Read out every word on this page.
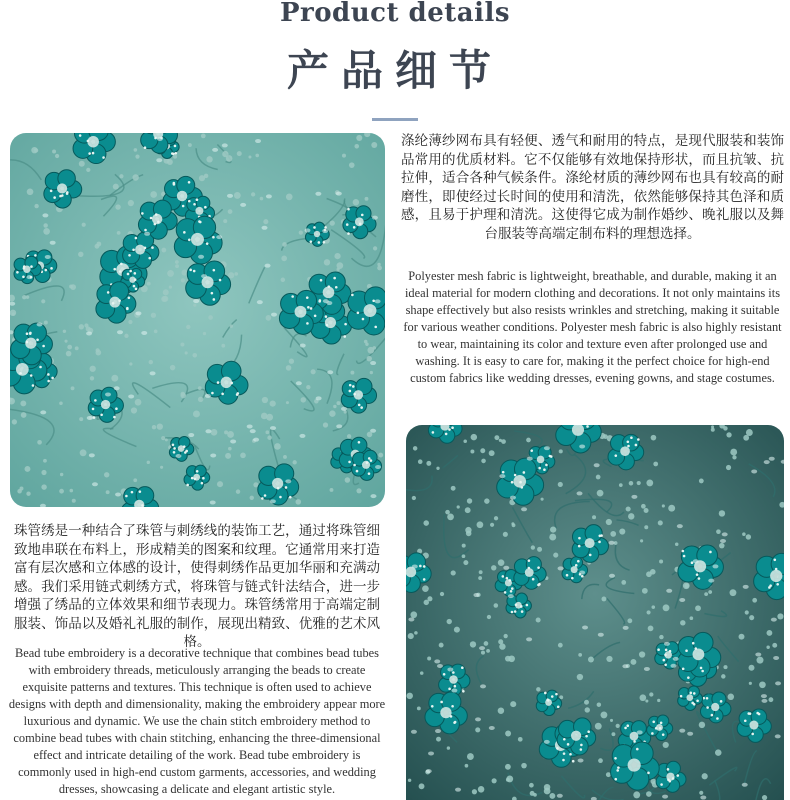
Product details
产品细节
涤纶薄纱网布具有轻便、透气和耐用的特点，是现代服装和装饰品常用的优质材料。它不仅能够有效地保持形状，而且抗皱、抗拉伸，适合各种气候条件。涤纶材质的薄纱网布也具有较高的耐磨性，即使经过长时间的使用和清洗，依然能够保持其色泽和质感，且易于护理和清洗。这使得它成为制作婚纱、晚礼服以及舞台服装等高端定制布料的理想选择。
Polyester mesh fabric is lightweight, breathable, and durable, making it an ideal material for modern clothing and decorations. It not only maintains its shape effectively but also resists wrinkles and stretching, making it suitable for various weather conditions. Polyester mesh fabric is also highly resistant to wear, maintaining its color and texture even after prolonged use and washing. It is easy to care for, making it the perfect choice for high-end custom fabrics like wedding dresses, evening gowns, and stage costumes.
珠管绣是一种结合了珠管与刺绣线的装饰工艺，通过将珠管细致地串联在布料上，形成精美的图案和纹理。它通常用来打造富有层次感和立体感的设计，使得刺绣作品更加华丽和充满动感。我们采用链式刺绣方式，将珠管与链式针法结合，进一步增强了绣品的立体效果和细节表现力。珠管绣常用于高端定制服装、饰品以及婚礼礼服的制作，展现出精致、优雅的艺术风格。
Bead tube embroidery is a decorative technique that combines bead tubes with embroidery threads, meticulously arranging the beads to create exquisite patterns and textures. This technique is often used to achieve designs with depth and dimensionality, making the embroidery appear more luxurious and dynamic. We use the chain stitch embroidery method to combine bead tubes with chain stitching, enhancing the three-dimensional effect and intricate detailing of the work. Bead tube embroidery is commonly used in high-end custom garments, accessories, and wedding dresses, showcasing a delicate and elegant artistic style.
